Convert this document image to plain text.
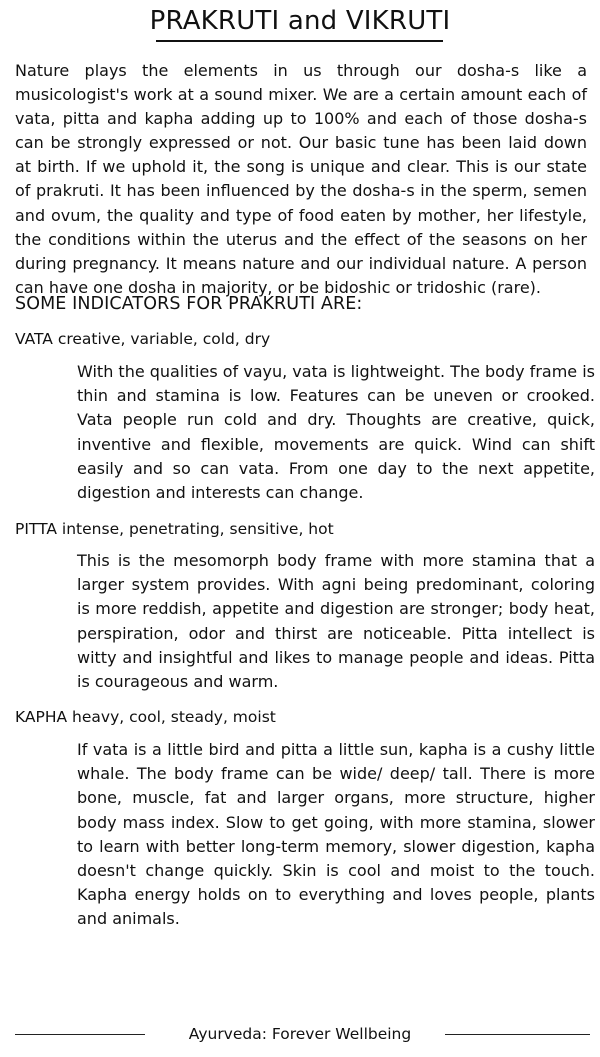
PRAKRUTI and VIKRUTI
Nature plays the elements in us through our dosha-s like a musicologist's work at a sound mixer. We are a certain amount each of vata, pitta and kapha adding up to 100% and each of those dosha-s can be strongly expressed or not. Our basic tune has been laid down at birth. If we uphold it, the song is unique and clear. This is our state of prakruti. It has been influenced by the dosha-s in the sperm, semen and ovum, the quality and type of food eaten by mother, her lifestyle, the conditions within the uterus and the effect of the seasons on her during pregnancy. It means nature and our individual nature. A person can have one dosha in majority, or be bidoshic or tridoshic (rare).
SOME INDICATORS FOR PRAKRUTI ARE:
VATA creative, variable, cold, dry
With the qualities of vayu, vata is lightweight. The body frame is thin and stamina is low. Features can be uneven or crooked. Vata people run cold and dry. Thoughts are creative, quick, inventive and flexible, movements are quick. Wind can shift easily and so can vata. From one day to the next appetite, digestion and interests can change.
PITTA intense, penetrating, sensitive, hot
This is the mesomorph body frame with more stamina that a larger system provides. With agni being predominant, coloring is more reddish, appetite and digestion are stronger; body heat, perspiration, odor and thirst are noticeable. Pitta intellect is witty and insightful and likes to manage people and ideas. Pitta is courageous and warm.
KAPHA heavy, cool, steady, moist
If vata is a little bird and pitta a little sun, kapha is a cushy little whale. The body frame can be wide/ deep/ tall. There is more bone, muscle, fat and larger organs, more structure, higher body mass index. Slow to get going, with more stamina, slower to learn with better long-term memory, slower digestion, kapha doesn't change quickly. Skin is cool and moist to the touch. Kapha energy holds on to everything and loves people, plants and animals.
Ayurveda: Forever Wellbeing
